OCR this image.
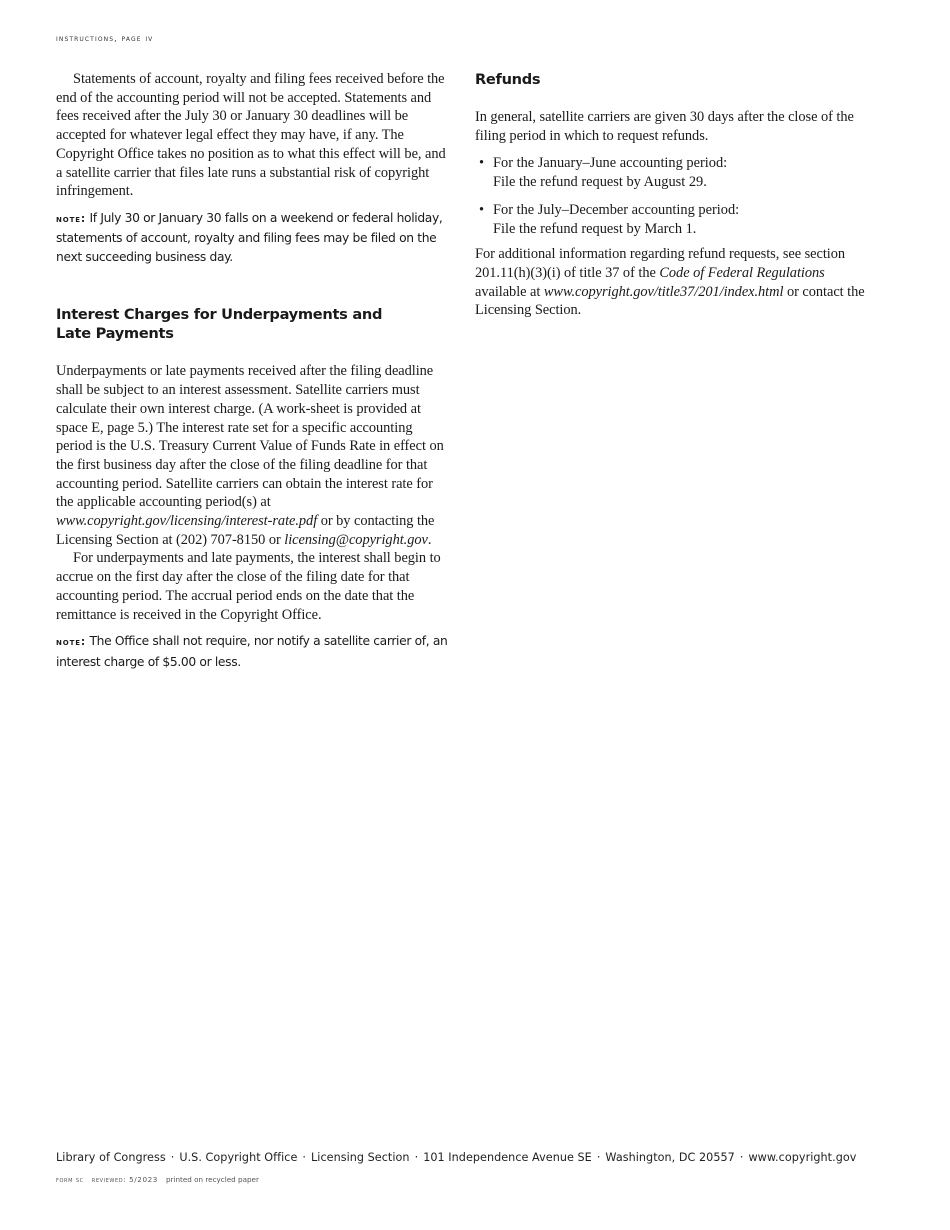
instructions, page iv

Statements of account, royalty and filing fees received before the end of the accounting period will not be accepted. Statements and fees received after the July 30 or January 30 deadlines will be accepted for whatever legal effect they may have, if any. The Copyright Office takes no position as to what this effect will be, and a satellite carrier that files late runs a substantial risk of copyright infringement.

note: If July 30 or January 30 falls on a weekend or federal holiday, statements of account, royalty and filing fees may be filed on the next succeeding business day.

Interest Charges for Underpayments and
Late Payments

Underpayments or late payments received after the filing deadline shall be subject to an interest assessment. Satellite carriers must calculate their own interest charge. (A work-sheet is provided at space E, page 5.) The interest rate set for a specific accounting period is the U.S. Treasury Current Value of Funds Rate in effect on the first business day after the close of the filing deadline for that accounting period. Satellite carriers can obtain the interest rate for the applicable accounting period(s) at www.copyright.gov/licensing/interest-rate.pdf or by contacting the Licensing Section at (202) 707-8150 or licensing@copyright.gov.

For underpayments and late payments, the interest shall begin to accrue on the first day after the close of the filing date for that accounting period. The accrual period ends on the date that the remittance is received in the Copyright Office.

note: The Office shall not require, nor notify a satellite carrier of, an interest charge of $5.00 or less.

Refunds

In general, satellite carriers are given 30 days after the close of the filing period in which to request refunds.

• For the January–June accounting period:
File the refund request by August 29.
• For the July–December accounting period:
File the refund request by March 1.

For additional information regarding refund requests, see section 201.11(h)(3)(i) of title 37 of the Code of Federal Regulations available at www.copyright.gov/title37/201/index.html or contact the Licensing Section.

Library of Congress · U.S. Copyright Office · Licensing Section · 101 Independence Avenue SE · Washington, DC 20557 · www.copyright.gov
form sc reviewed: 5/2023 printed on recycled paper
